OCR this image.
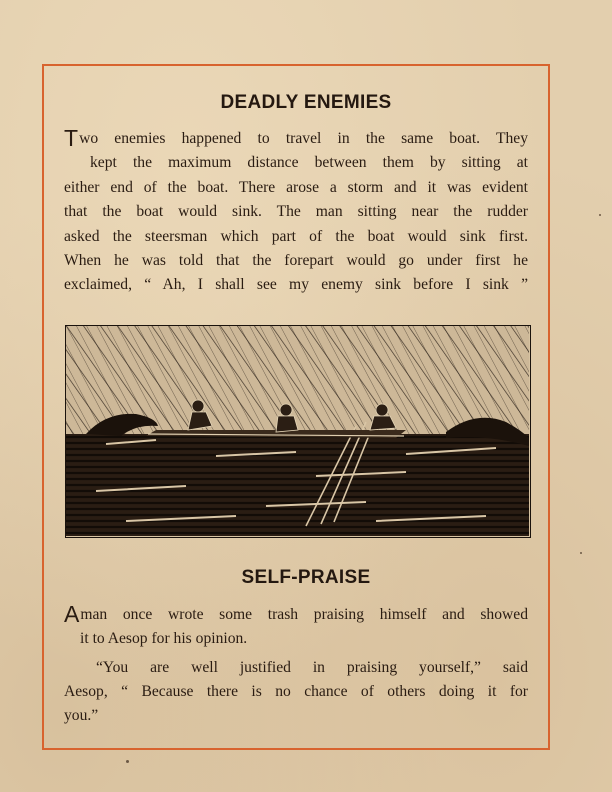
DEADLY ENEMIES

Two enemies happened to travel in the same boat. They

kept the maximum distance between them by sitting at

either end of the boat. There arose a storm and it was evident

that the boat would sink. The man sitting near the rudder

asked the steersman which part of the boat would sink first.

When he was told that the forepart would go under first he

exclaimed, “ Ah, I shall see my enemy sink before I sink ”

SELF-PRAISE

Aman once wrote some trash praising himself and showed

it to Aesop for his opinion.

“You are well justified in praising yourself,” said

Aesop, “ Because there is no chance of others doing it for

you.”
